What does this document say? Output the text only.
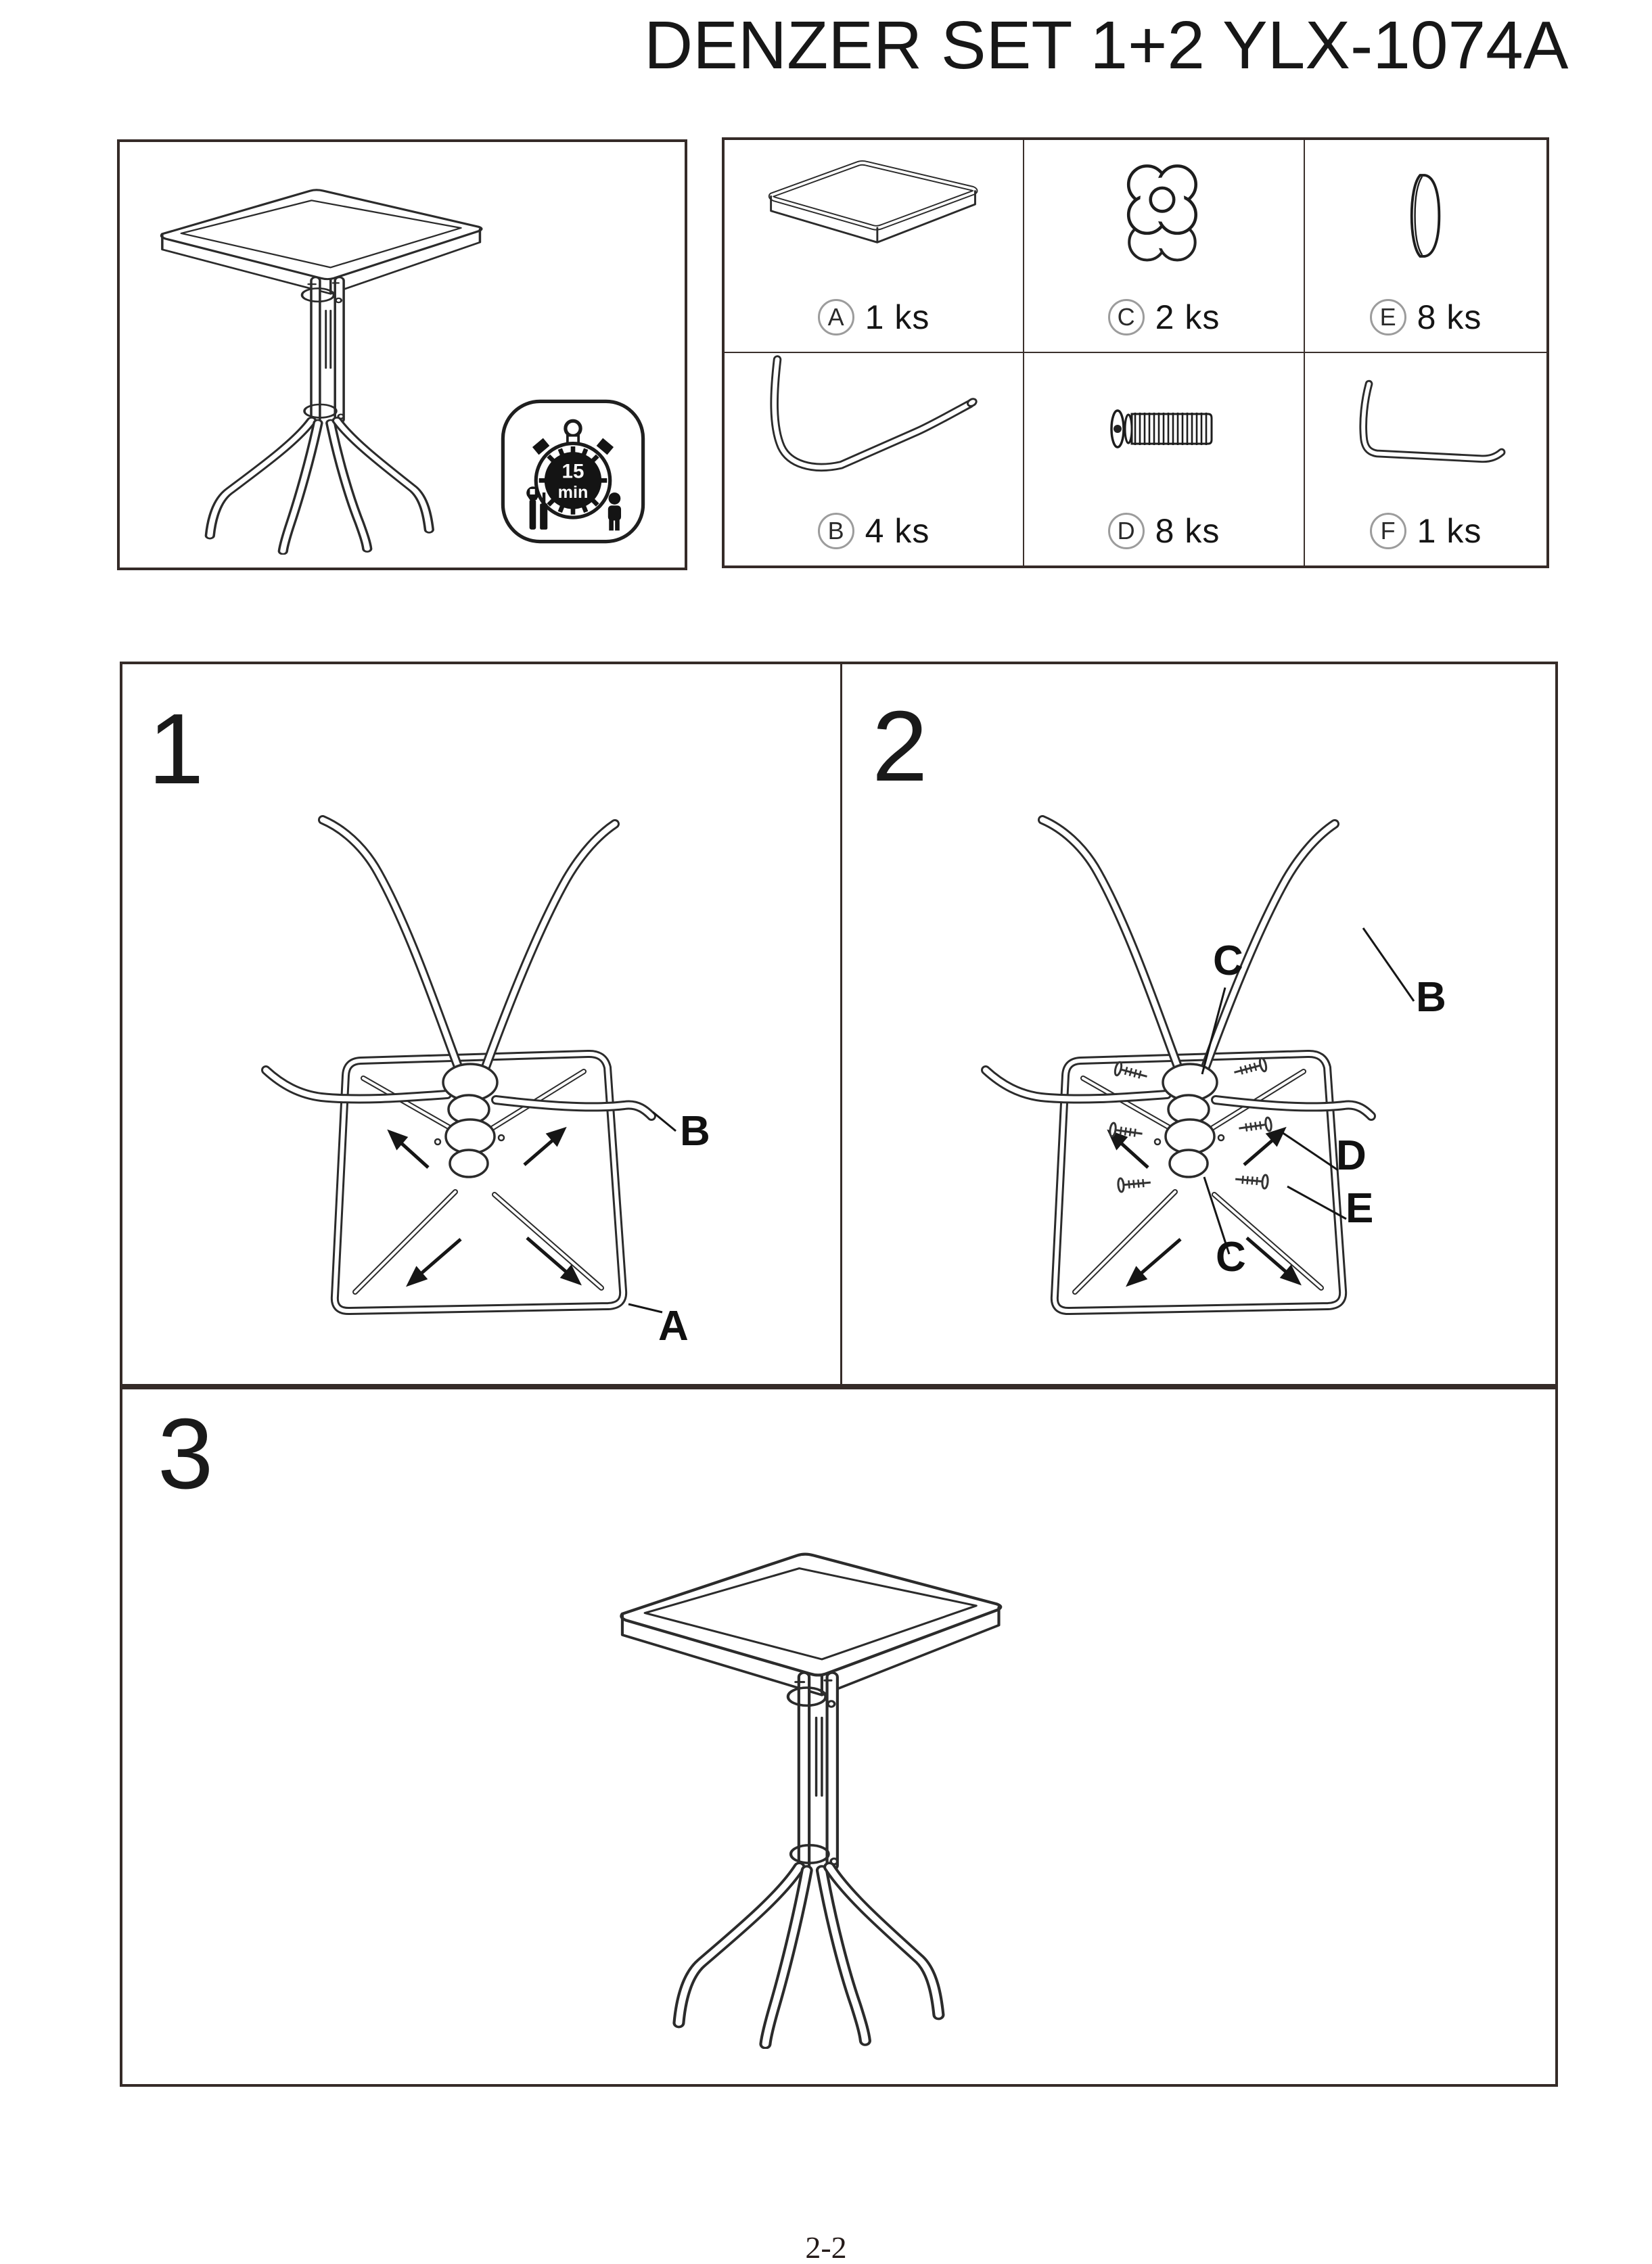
DENZER SET 1+2 YLX-1074A
15
min
A 1 ks	C 2 ks	E 8 ks
B 4 ks	D 8 ks	F 1 ks
1
B
A
2
C
B
D
E
C
3
2-2
